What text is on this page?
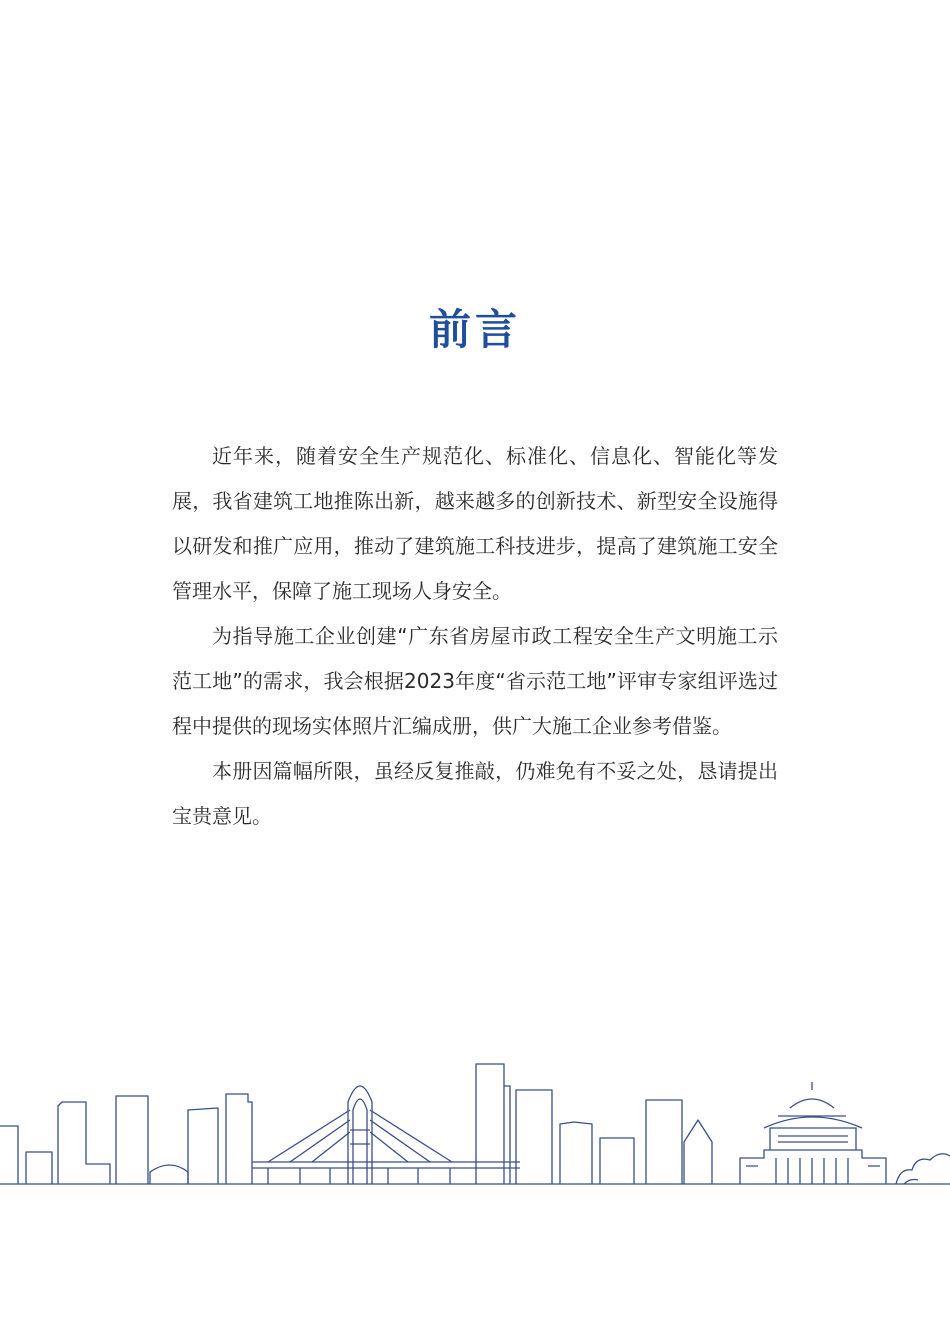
前言

近年来，随着安全生产规范化、标准化、信息化、智能化等发展，我省建筑工地推陈出新，越来越多的创新技术、新型安全设施得以研发和推广应用，推动了建筑施工科技进步，提高了建筑施工安全管理水平，保障了施工现场人身安全。

为指导施工企业创建“广东省房屋市政工程安全生产文明施工示范工地”的需求，我会根据2023年度“省示范工地”评审专家组评选过程中提供的现场实体照片汇编成册，供广大施工企业参考借鉴。

本册因篇幅所限，虽经反复推敲，仍难免有不妥之处，恳请提出宝贵意见。
